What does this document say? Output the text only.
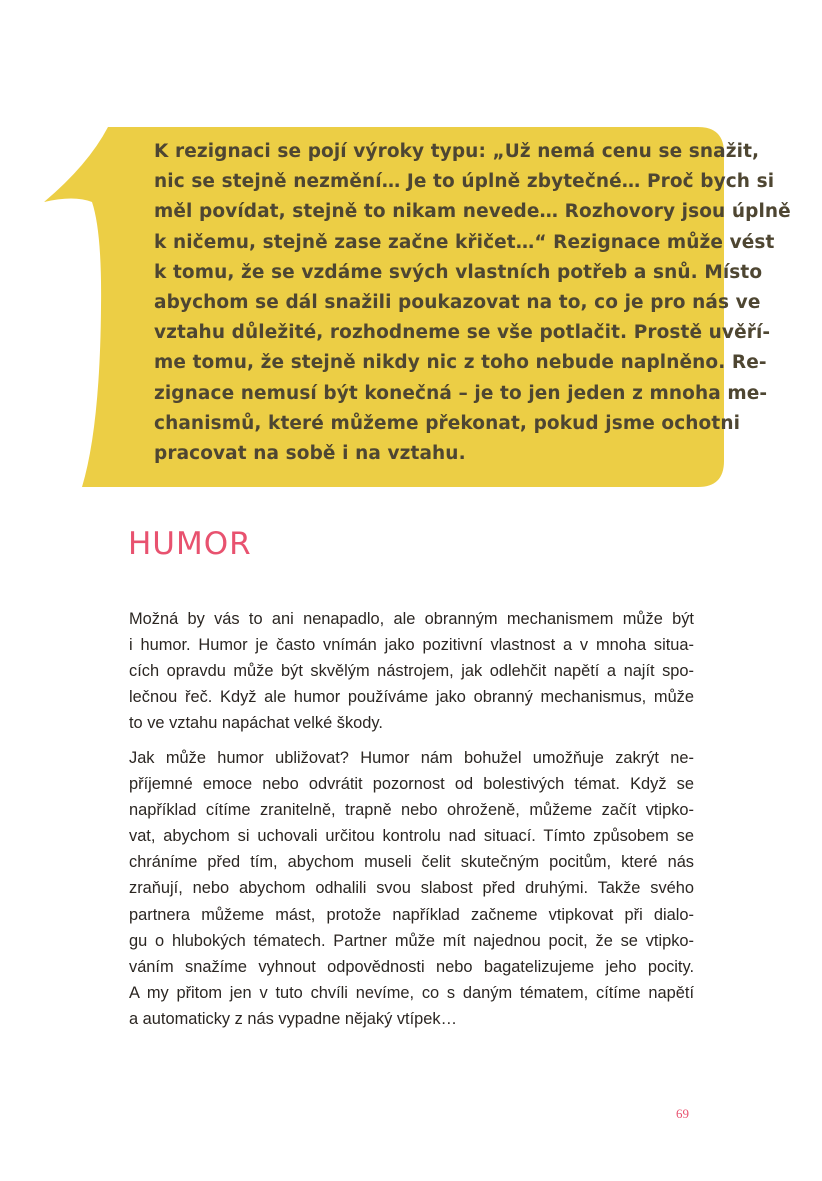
K rezignaci se pojí výroky typu: „Už nemá cenu se snažit,
nic se stejně nezmění… Je to úplně zbytečné… Proč bych si
měl povídat, stejně to nikam nevede… Rozhovory jsou úplně
k ničemu, stejně zase začne křičet…“ Rezignace může vést
k tomu, že se vzdáme svých vlastních potřeb a snů. Místo
abychom se dál snažili poukazovat na to, co je pro nás ve
vztahu důležité, rozhodneme se vše potlačit. Prostě uvěří-
me tomu, že stejně nikdy nic z toho nebude naplněno. Re-
zignace nemusí být konečná – je to jen jeden z mnoha me-
chanismů, které můžeme překonat, pokud jsme ochotni
pracovat na sobě i na vztahu.

HUMOR

Možná by vás to ani nenapadlo, ale obranným mechanismem může být
i humor. Humor je často vnímán jako pozitivní vlastnost a v mnoha situa-
cích opravdu může být skvělým nástrojem, jak odlehčit napětí a najít spo-
lečnou řeč. Když ale humor používáme jako obranný mechanismus, může
to ve vztahu napáchat velké škody.

Jak může humor ubližovat? Humor nám bohužel umožňuje zakrýt ne-
příjemné emoce nebo odvrátit pozornost od bolestivých témat. Když se
například cítíme zranitelně, trapně nebo ohroženě, můžeme začít vtipko-
vat, abychom si uchovali určitou kontrolu nad situací. Tímto způsobem se
chráníme před tím, abychom museli čelit skutečným pocitům, které nás
zraňují, nebo abychom odhalili svou slabost před druhými. Takže svého
partnera můžeme mást, protože například začneme vtipkovat při dialo-
gu o hlubokých tématech. Partner může mít najednou pocit, že se vtipko-
váním snažíme vyhnout odpovědnosti nebo bagatelizujeme jeho pocity.
A my přitom jen v tuto chvíli nevíme, co s daným tématem, cítíme napětí
a automaticky z nás vypadne nějaký vtípek…

69
